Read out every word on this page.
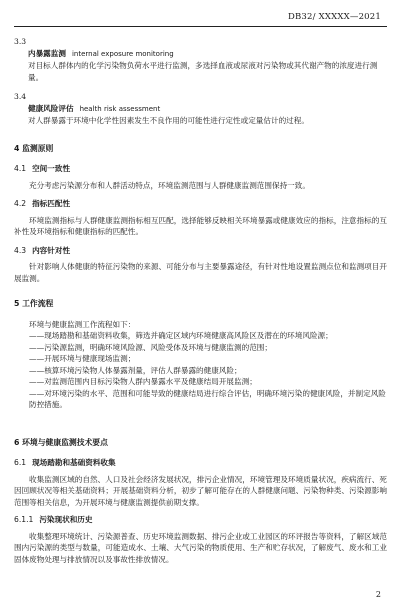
DB32/ XXXXX—2021
3.3
内暴露监测 internal exposure monitoring
对目标人群体内的化学污染物负荷水平进行监测，多选择血液或尿液对污染物或其代谢产物的浓度进行测量。
3.4
健康风险评估 health risk assessment
对人群暴露于环境中化学性因素发生不良作用的可能性进行定性或定量估计的过程。
4 监测原则
4.1 空间一致性

充分考虑污染源分布和人群活动特点，环境监测范围与人群健康监测范围保持一致。

4.2 指标匹配性

环境监测指标与人群健康监测指标相互匹配，选择能够反映相关环境暴露或健康效应的指标，注意指标的互补性及环境指标和健康指标的匹配性。

4.3 内容针对性

针对影响人体健康的特征污染物的来源、可能分布与主要暴露途径，有针对性地设置监测点位和监测项目开展监测。

5 工作流程

环境与健康监测工作流程如下：

——现场踏勘和基础资料收集，筛选并确定区域内环境健康高风险区及潜在的环境风险源；

——污染源监测，明确环境风险源、风险受体及环境与健康监测的范围；

——开展环境与健康现场监测；

——核算环境污染物人体暴露剂量，评估人群暴露的健康风险；

——对监测范围内目标污染物人群内暴露水平及健康结局开展监测；

——对环境污染的水平、范围和可能导致的健康结局进行综合评估，明确环境污染的健康风险，并制定风险防控措施。

6 环境与健康监测技术要点
6.1 现场踏勘和基础资料收集

收集监测区域的自然、人口及社会经济发展状况，排污企业情况，环境管理及环境质量状况，疾病流行、死因回顾状况等相关基础资料；开展基础资料分析，初步了解可能存在的人群健康问题、污染物种类、污染源影响范围等相关信息，为开展环境与健康监测提供前期支撑。

6.1.1 污染现状和历史

收集整理环境统计、污染源普查、历史环境监测数据、排污企业或工业园区的环评报告等资料，了解区域范围内污染源的类型与数量，可能造成水、土壤、大气污染的物质使用、生产和贮存状况，了解废气、废水和工业固体废物处理与排放情况以及事故性排放情况。

2
